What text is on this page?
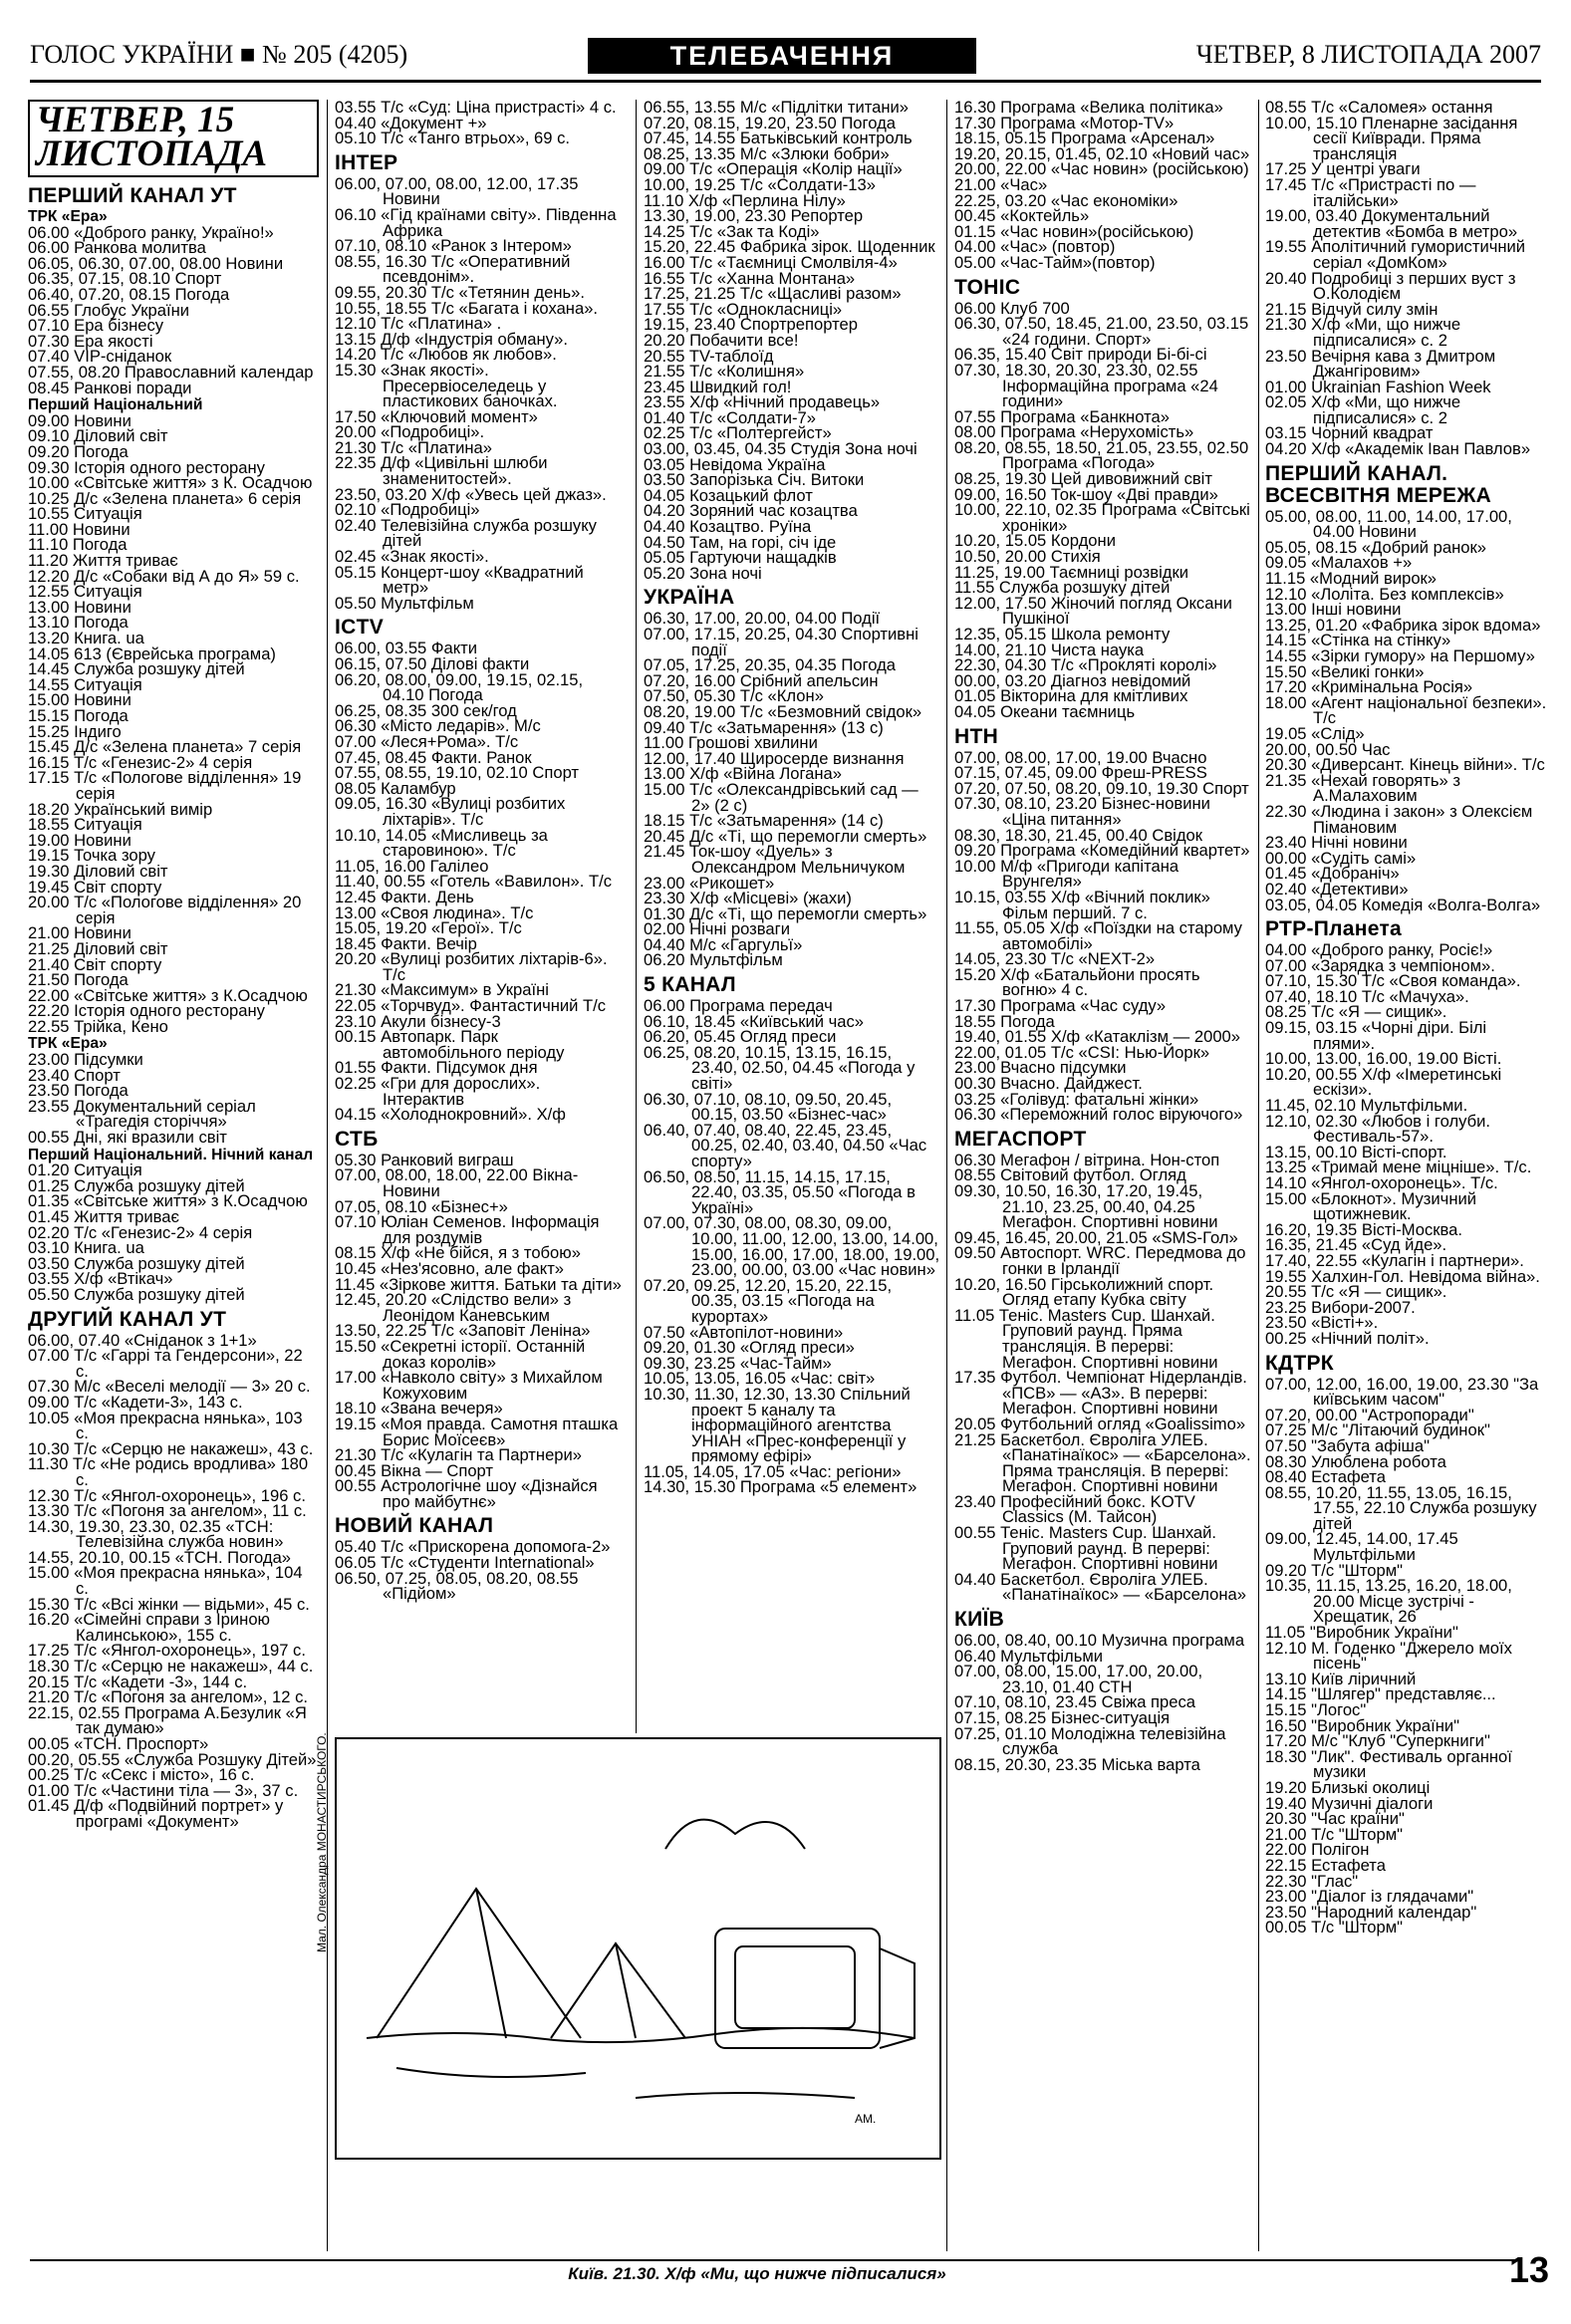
ГОЛОС УКРАЇНИ ■ № 205 (4205)	ТЕЛЕБАЧЕННЯ	ЧЕТВЕР, 8 ЛИСТОПАДА 2007
ЧЕТВЕР, 15 ЛИСТОПАДА
ПЕРШИЙ КАНАЛ УТ
ТРК «Ера»
06.00 «Доброго ранку, Україно!»
06.00 Ранкова молитва
06.05, 06.30, 07.00, 08.00 Новини
06.35, 07.15, 08.10 Спорт
06.40, 07.20, 08.15 Погода
06.55 Глобус України
07.10 Ера бізнесу
07.30 Ера якості
07.40 VIP-сніданок
07.55, 08.20 Православний календар
08.45 Ранкові поради
Перший Національний
09.00 Новини
09.10 Діловий світ
09.20 Погода
09.30 Історія одного ресторану
10.00 «Світське життя» з К. Осадчою
10.25 Д/с «Зелена планета» 6 серія
10.55 Ситуація
11.00 Новини
11.10 Погода
11.20 Життя триває
12.20 Д/с «Собаки від А до Я» 59 с.
12.55 Ситуація
13.00 Новини
13.10 Погода
13.20 Книга. ua
14.05 613 (Єврейська програма)
14.45 Служба розшуку дітей
14.55 Ситуація
15.00 Новини
15.15 Погода
15.25 Індиго
15.45 Д/с «Зелена планета» 7 серія
16.15 Т/с «Генезис-2» 4 серія
17.15 Т/с «Пологове відділення» 19 серія
18.20 Український вимір
18.55 Ситуація
19.00 Новини
19.15 Точка зору
19.30 Діловий світ
19.45 Світ спорту
20.00 Т/с «Пологове відділення» 20 серія
21.00 Новини
21.25 Діловий світ
21.40 Світ спорту
21.50 Погода
22.00 «Світське життя» з К.Осадчою
22.20 Історія одного ресторану
22.55 Трійка, Кено
ТРК «Ера»
23.00 Підсумки
23.40 Спорт
23.50 Погода
23.55 Документальний серіал «Трагедія сторіччя»
00.55 Дні, які вразили світ
Перший Національний. Нічний канал
01.20 Ситуація
01.25 Служба розшуку дітей
01.35 «Світське життя» з К.Осадчою
01.45 Життя триває
02.20 Т/с «Генезис-2» 4 серія
03.10 Книга. ua
03.50 Служба розшуку дітей
03.55 Х/ф «Втікач»
05.50 Служба розшуку дітей
ДРУГИЙ КАНАЛ УТ
06.00, 07.40 «Сніданок з 1+1»
07.00 Т/с «Гаррі та Гендерсони», 22 с.
07.30 М/с «Веселі мелодії — 3» 20 с.
09.00 Т/с «Кадети-3», 143 с.
10.05 «Моя прекрасна нянька», 103 с.
10.30 Т/с «Серцю не накажеш», 43 с.
11.30 Т/с «Не родись вродлива» 180 с.
12.30 Т/с «Янгол-охоронець», 196 с.
13.30 Т/с «Погоня за ангелом», 11 с.
14.30, 19.30, 23.30, 02.35 «ТСН: Телевізійна служба новин»
14.55, 20.10, 00.15 «ТСН. Погода»
15.00 «Моя прекрасна нянька», 104 с.
15.30 Т/с «Всі жінки — відьми», 45 с.
16.20 «Сімейні справи з Іриною Калинською», 155 с.
17.25 Т/с «Янгол-охоронець», 197 с.
18.30 Т/с «Серцю не накажеш», 44 с.
20.15 Т/с «Кадети -3», 144 с.
21.20 Т/с «Погоня за ангелом», 12 с.
22.15, 02.55 Програма А.Безулик «Я так думаю»
00.05 «ТСН. Проспорт»
00.20, 05.55 «Служба Розшуку Дітей»
00.25 Т/с «Секс і місто», 16 с.
01.00 Т/с «Частини тіла — 3», 37 с.
01.45 Д/ф «Подвійний портрет» у програмі «Документ»
03.55 Т/с «Суд: Ціна пристрасті» 4 с.
04.40 «Документ +»
05.10 Т/с «Танго втрьох», 69 с.
ІНТЕР
06.00, 07.00, 08.00, 12.00, 17.35 Новини
06.10 «Гід країнами світу». Південна Африка
07.10, 08.10 «Ранок з Інтером»
08.55, 16.30 Т/с «Оперативний псевдонім».
09.55, 20.30 Т/с «Тетянин день».
10.55, 18.55 Т/с «Багата і кохана».
12.10 Т/с «Платина» .
13.15 Д/ф «Індустрія обману».
14.20 Т/с «Любов як любов».
15.30 «Знак якості». Пресервіоселедець у пластикових баночках.
17.50 «Ключовий момент»
20.00 «Подробиці».
21.30 Т/с «Платина»
22.35 Д/ф «Цивільні шлюби знаменитостей».
23.50, 03.20 Х/ф «Увесь цей джаз».
02.10 «Подробиці»
02.40 Телевізійна служба розшуку дітей
02.45 «Знак якості».
05.15 Концерт-шоу «Квадратний метр»
05.50 Мультфільм
ICTV
06.00, 03.55 Факти
06.15, 07.50 Ділові факти
06.20, 08.00, 09.00, 19.15, 02.15, 04.10 Погода
06.25, 08.35 300 сек/год
06.30 «Місто ледарів». М/с
07.00 «Леся+Рома». Т/с
07.45, 08.45 Факти. Ранок
07.55, 08.55, 19.10, 02.10 Спорт
08.05 Каламбур
09.05, 16.30 «Вулиці розбитих ліхтарів». Т/с
10.10, 14.05 «Мисливець за старовиною». Т/с
11.05, 16.00 Галілео
11.40, 00.55 «Готель «Вавилон». Т/с
12.45 Факти. День
13.00 «Своя людина». Т/с
15.05, 19.20 «Герої». Т/с
18.45 Факти. Вечір
20.20 «Вулиці розбитих ліхтарів-6». Т/с
21.30 «Максимум» в Україні
22.05 «Торчвуд». Фантастичний Т/с
23.10 Акули бізнесу-3
00.15 Автопарк. Парк автомобільного періоду
01.55 Факти. Підсумок дня
02.25 «Гри для дорослих». Інтерактив
04.15 «Холоднокровний». Х/ф
СТБ
05.30 Ранковий виграш
07.00, 08.00, 18.00, 22.00 Вікна-Новини
07.05, 08.10 «Бізнес+»
07.10 Юліан Семенов. Інформація для роздумів
08.15 Х/ф «Не бійся, я з тобою»
10.45 «Нез'ясовно, але факт»
11.45 «Зіркове життя. Батьки та діти»
12.45, 20.20 «Слідство вели» з Леонідом Каневським
13.50, 22.25 Т/с «Заповіт Леніна»
15.50 «Секретні історії. Останній доказ королів»
17.00 «Навколо світу» з Михайлом Кожуховим
18.10 «Звана вечеря»
19.15 «Моя правда. Самотня пташка Борис Моїсеєв»
21.30 Т/с «Кулагін та Партнери»
00.45 Вікна — Спорт
00.55 Астрологічне шоу «Дізнайся про майбутнє»
НОВИЙ КАНАЛ
05.40 Т/с «Прискорена допомога-2»
06.05 Т/с «Студенти International»
06.50, 07.25, 08.05, 08.20, 08.55 «Підйом»
06.55, 13.55 М/с «Підлітки титани»
07.20, 08.15, 19.20, 23.50 Погода
07.45, 14.55 Батьківський контроль
08.25, 13.35 М/с «Злюки бобри»
09.00 Т/с «Операція «Колір нації»
10.00, 19.25 Т/с «Солдати-13»
11.10 Х/ф «Перлина Нілу»
13.30, 19.00, 23.30 Репортер
14.25 Т/с «Зак та Коді»
15.20, 22.45 Фабрика зірок. Щоденник
16.00 Т/с «Таємниці Смолвіля-4»
16.55 Т/с «Ханна Монтана»
17.25, 21.25 Т/с «Щасливі разом»
17.55 Т/с «Однокласниці»
19.15, 23.40 Спортрепортер
20.20 Побачити все!
20.55 TV-таблоїд
21.55 Т/с «Колишня»
23.45 Швидкий гол!
23.55 Х/ф «Нічний продавець»
01.40 Т/с «Солдати-7»
02.25 Т/с «Полтергейст»
03.00, 03.45, 04.35 Студія Зона ночі
03.05 Невідома Україна
03.50 Запорізька Січ. Витоки
04.05 Козацький флот
04.20 Зоряний час козацтва
04.40 Козацтво. Руїна
04.50 Там, на горі, січ іде
05.05 Гартуючи нащадків
05.20 Зона ночі
УКРАЇНА
06.30, 17.00, 20.00, 04.00 Події
07.00, 17.15, 20.25, 04.30 Спортивні події
07.05, 17.25, 20.35, 04.35 Погода
07.20, 16.00 Срібний апельсин
07.50, 05.30 Т/с «Клон»
08.20, 19.00 Т/с «Безмовний свідок»
09.40 Т/с «Затьмарення» (13 с)
11.00 Грошові хвилини
12.00, 17.40 Щиросерде визнання
13.00 Х/ф «Війна Логана»
15.00 Т/с «Олександрівський сад — 2» (2 с)
18.15 Т/с «Затьмарення» (14 с)
20.45 Д/с «Ті, що перемогли смерть»
21.45 Ток-шоу «Дуель» з Олександром Мельничуком
23.00 «Рикошет»
23.30 Х/ф «Місцеві» (жахи)
01.30 Д/с «Ті, що перемогли смерть»
02.00 Нічні розваги
04.40 М/с «Гаргульї»
06.20 Мультфільм
5 КАНАЛ
06.00 Програма передач
06.10, 18.45 «Київський час»
06.20, 05.45 Огляд преси
06.25, 08.20, 10.15, 13.15, 16.15, 23.40, 02.50, 04.45 «Погода у світі»
06.30, 07.10, 08.10, 09.50, 20.45, 00.15, 03.50 «Бізнес-час»
06.40, 07.40, 08.40, 22.45, 23.45, 00.25, 02.40, 03.40, 04.50 «Час спорту»
06.50, 08.50, 11.15, 14.15, 17.15, 22.40, 03.35, 05.50 «Погода в Україні»
07.00, 07.30, 08.00, 08.30, 09.00, 10.00, 11.00, 12.00, 13.00, 14.00, 15.00, 16.00, 17.00, 18.00, 19.00, 23.00, 00.00, 03.00 «Час новин»
07.20, 09.25, 12.20, 15.20, 22.15, 00.35, 03.15 «Погода на курортах»
07.50 «Автопілот-новини»
09.20, 01.30 «Огляд преси»
09.30, 23.25 «Час-Тайм»
10.05, 13.05, 16.05 «Час: світ»
10.30, 11.30, 12.30, 13.30 Спільний проект 5 каналу та інформаційного агентства УНІАН «Прес-конференції у прямому ефірі»
11.05, 14.05, 17.05 «Час: регіони»
14.30, 15.30 Програма «5 елемент»
16.30 Програма «Велика політика»
17.30 Програма «Мотор-TV»
18.15, 05.15 Програма «Арсенал»
19.20, 20.15, 01.45, 02.10 «Новий час»
20.00, 22.00 «Час новин» (російською)
21.00 «Час»
22.25, 03.20 «Час економіки»
00.45 «Коктейль»
01.15 «Час новин»(російською)
04.00 «Час» (повтор)
05.00 «Час-Тайм»(повтор)
ТОНІС
06.00 Клуб 700
06.30, 07.50, 18.45, 21.00, 23.50, 03.15 «24 години. Спорт»
06.35, 15.40 Світ природи Бі-бі-сі
07.30, 18.30, 20.30, 23.30, 02.55 Інформаційна програма «24 години»
07.55 Програма «Банкнота»
08.00 Програма «Нерухомість»
08.20, 08.55, 18.50, 21.05, 23.55, 02.50 Програма «Погода»
08.25, 19.30 Цей дивовижний світ
09.00, 16.50 Ток-шоу «Дві правди»
10.00, 22.10, 02.35 Програма «Світські хроніки»
10.20, 15.05 Кордони
10.50, 20.00 Стихія
11.25, 19.00 Таємниці розвідки
11.55 Служба розшуку дітей
12.00, 17.50 Жіночий погляд Оксани Пушкіної
12.35, 05.15 Школа ремонту
14.00, 21.10 Чиста наука
22.30, 04.30 Т/с «Прокляті королі»
00.00, 03.20 Діагноз невідомий
01.05 Вікторина для кмітливих
04.05 Океани таємниць
НТН
07.00, 08.00, 17.00, 19.00 Вчасно
07.15, 07.45, 09.00 Фреш-PRESS
07.20, 07.50, 08.20, 09.10, 19.30 Спорт
07.30, 08.10, 23.20 Бізнес-новини «Ціна питання»
08.30, 18.30, 21.45, 00.40 Свідок
09.20 Програма «Комедійний квартет»
10.00 М/ф «Пригоди капітана Врунгеля»
10.15, 03.55 Х/ф «Вічний поклик» Фільм перший. 7 с.
11.55, 05.05 Х/ф «Поїздки на старому автомобілі»
14.05, 23.30 Т/с «NEXT-2»
15.20 Х/ф «Батальйони просять вогню» 4 с.
17.30 Програма «Час суду»
18.55 Погода
19.40, 01.55 Х/ф «Катаклізм — 2000»
22.00, 01.05 Т/с «CSI: Нью-Йорк»
23.00 Вчасно підсумки
00.30 Вчасно. Дайджест.
03.25 «Голівуд: фатальні жінки»
06.30 «Переможний голос віруючого»
МЕГАСПОРТ
06.30 Мегафон / вітрина. Нон-стоп
08.55 Світовий футбол. Огляд
09.30, 10.50, 16.30, 17.20, 19.45, 21.10, 23.25, 00.40, 04.25 Мегафон. Спортивні новини
09.45, 16.45, 20.00, 21.05 «SMS-Гол»
09.50 Автоспорт. WRC. Передмова до гонки в Ірландії
10.20, 16.50 Гірськолижний спорт. Огляд етапу Кубка світу
11.05 Теніс. Masters Cup. Шанхай. Груповий раунд. Пряма трансляція. В перерві: Мегафон. Спортивні новини
17.35 Футбол. Чемпіонат Нідерландів. «ПСВ» — «АЗ». В перерві: Мегафон. Спортивні новини
20.05 Футбольний огляд «Goalissimo»
21.25 Баскетбол. Євроліга УЛЕБ. «Панатінаїкос» — «Барселона». Пряма трансляція. В перерві: Мегафон. Спортивні новини
23.40 Професійний бокс. KOTV Classics (М. Тайсон)
00.55 Теніс. Masters Cup. Шанхай. Груповий раунд. В перерві: Мегафон. Спортивні новини
04.40 Баскетбол. Євроліга УЛЕБ. «Панатінаїкос» — «Барселона»
КИЇВ
06.00, 08.40, 00.10 Музична програма
06.40 Мультфільми
07.00, 08.00, 15.00, 17.00, 20.00, 23.10, 01.40 СТН
07.10, 08.10, 23.45 Свіжа преса
07.15, 08.25 Бізнес-ситуація
07.25, 01.10 Молодіжна телевізійна служба
08.15, 20.30, 23.35 Міська варта
08.55 Т/с «Саломея» остання
10.00, 15.10 Пленарне засідання сесії Київради. Пряма трансляція
17.25 У центрі уваги
17.45 Т/с «Пристрасті по — італійськи»
19.00, 03.40 Документальний детектив «Бомба в метро»
19.55 Аполітичний гумористичний серіал «ДомКом»
20.40 Подробиці з перших вуст з О.Колодієм
21.15 Відчуй силу змін
21.30 Х/ф «Ми, що нижче підписалися» с. 2
23.50 Вечірня кава з Дмитром Джангіровим»
01.00 Ukrainian Fashion Week
02.05 Х/ф «Ми, що нижче підписалися» с. 2
03.15 Чорний квадрат
04.20 Х/ф «Академік Іван Павлов»
ПЕРШИЙ КАНАЛ. ВСЕСВІТНЯ МЕРЕЖА
05.00, 08.00, 11.00, 14.00, 17.00, 04.00 Новини
05.05, 08.15 «Добрий ранок»
09.05 «Малахов +»
11.15 «Модний вирок»
12.10 «Лоліта. Без комплексів»
13.00 Інші новини
13.25, 01.20 «Фабрика зірок вдома»
14.15 «Стінка на стінку»
14.55 «Зірки гумору» на Першому»
15.50 «Великі гонки»
17.20 «Кримінальна Росія»
18.00 «Агент національної безпеки». Т/с
19.05 «Слід»
20.00, 00.50 Час
20.30 «Диверсант. Кінець війни». Т/с
21.35 «Нехай говорять» з А.Малаховим
22.30 «Людина і закон» з Олексієм Пімановим
23.40 Нічні новини
00.00 «Судіть самі»
01.45 «Добраніч»
02.40 «Детективи»
03.05, 04.05 Комедія «Волга-Волга»
РТР-Планета
04.00 «Доброго ранку, Росіє!»
07.00 «Зарядка з чемпіоном».
07.10, 15.30 Т/с «Своя команда».
07.40, 18.10 Т/с «Мачуха».
08.25 Т/с «Я — сищик».
09.15, 03.15 «Чорні діри. Білі плями».
10.00, 13.00, 16.00, 19.00 Вісті.
10.20, 00.55 Х/ф «Імеретинські ескізи».
11.45, 02.10 Мультфільми.
12.10, 02.30 «Любов і голуби. Фестиваль-57».
13.15, 00.10 Вісті-спорт.
13.25 «Тримай мене міцніше». Т/с.
14.10 «Янгол-охоронець». Т/с.
15.00 «Блокнот». Музичний щотижневик.
16.20, 19.35 Вісті-Москва.
16.35, 21.45 «Суд йде».
17.40, 22.55 «Кулагін і партнери».
19.55 Халхин-Гол. Невідома війна».
20.55 Т/с «Я — сищик».
23.25 Вибори-2007.
23.50 «Вісті+».
00.25 «Нічний політ».
КДТРК
07.00, 12.00, 16.00, 19.00, 23.30 "За київським часом"
07.20, 00.00 "Астропоради"
07.25 М/с "Літаючий будинок"
07.50 "Забута афіша"
08.30 Улюблена робота
08.40 Естафета
08.55, 10.20, 11.55, 13.05, 16.15, 17.55, 22.10 Служба розшуку дітей
09.00, 12.45, 14.00, 17.45 Мультфільми
09.20 Т/с "Шторм"
10.35, 11.15, 13.25, 16.20, 18.00, 20.00 Місце зустрічі - Хрещатик, 26
11.05 "Виробник України"
12.10 М. Годенко "Джерело моїх пісень"
13.10 Київ ліричний
14.15 "Шлягер" представляє...
15.15 "Логос"
16.50 "Виробник України"
17.20 М/с "Клуб "Суперкниги"
18.30 "Лик". Фестиваль органної музики
19.20 Близькі околиці
19.40 Музичні діалоги
20.30 "Час країни"
21.00 Т/с "Шторм"
22.00 Полігон
22.15 Естафета
22.30 "Глас"
23.00 "Діалог із глядачами"
23.50 "Народний календар"
00.05 Т/с "Шторм"
АМ.
Мал. Олександра МОНАСТИРСЬКОГО.
Київ. 21.30. Х/ф «Ми, що нижче підписалися»	13
